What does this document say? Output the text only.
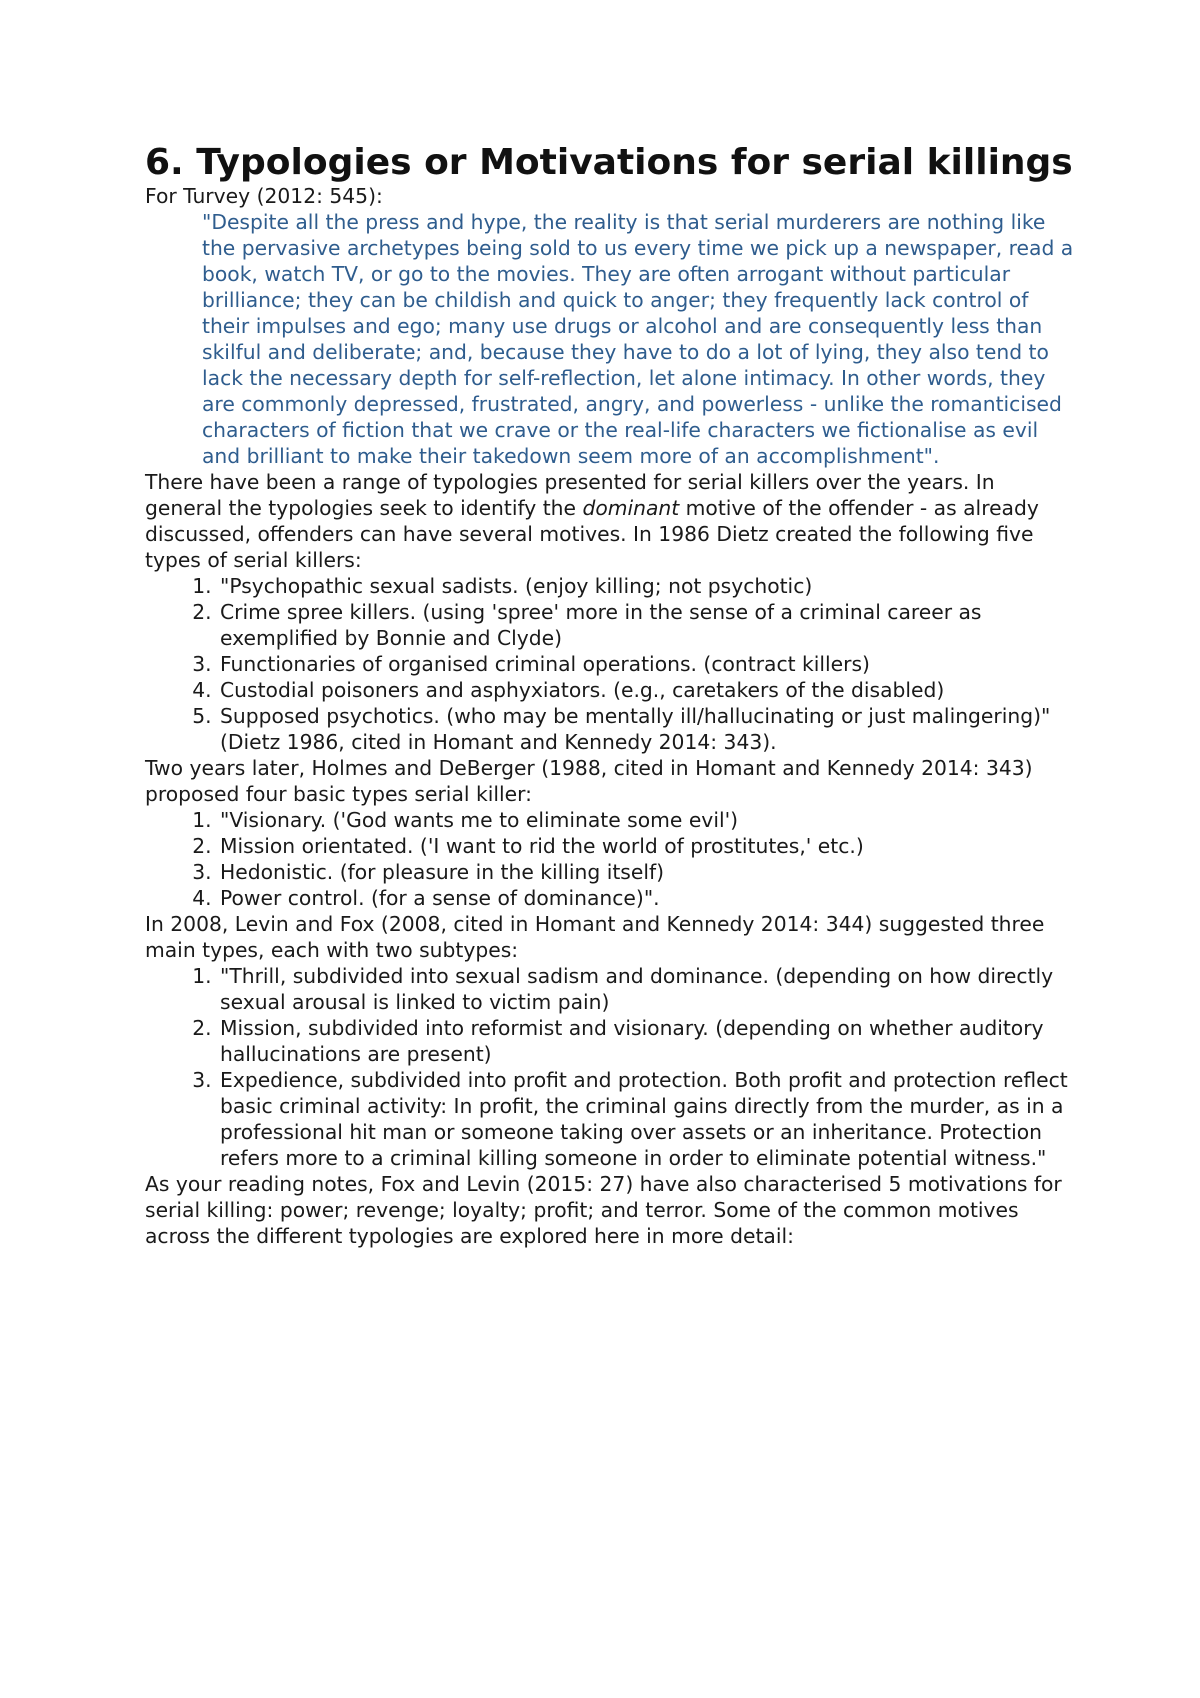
6. Typologies or Motivations for serial killings

For Turvey (2012: 545):

"Despite all the press and hype, the reality is that serial murderers are nothing like the pervasive archetypes being sold to us every time we pick up a newspaper, read a book, watch TV, or go to the movies. They are often arrogant without particular brilliance; they can be childish and quick to anger; they frequently lack control of their impulses and ego; many use drugs or alcohol and are consequently less than skilful and deliberate; and, because they have to do a lot of lying, they also tend to lack the necessary depth for self-reflection, let alone intimacy. In other words, they are commonly depressed, frustrated, angry, and powerless - unlike the romanticised characters of fiction that we crave or the real-life characters we fictionalise as evil and brilliant to make their takedown seem more of an accomplishment".

There have been a range of typologies presented for serial killers over the years. In general the typologies seek to identify the dominant motive of the offender - as already discussed, offenders can have several motives. In 1986 Dietz created the following five types of serial killers:

1. "Psychopathic sexual sadists. (enjoy killing; not psychotic)
2. Crime spree killers. (using 'spree' more in the sense of a criminal career as exemplified by Bonnie and Clyde)
3. Functionaries of organised criminal operations. (contract killers)
4. Custodial poisoners and asphyxiators. (e.g., caretakers of the disabled)
5. Supposed psychotics. (who may be mentally ill/hallucinating or just malingering)" (Dietz 1986, cited in Homant and Kennedy 2014: 343).

Two years later, Holmes and DeBerger (1988, cited in Homant and Kennedy 2014: 343) proposed four basic types serial killer:

1. "Visionary. ('God wants me to eliminate some evil')
2. Mission orientated. ('I want to rid the world of prostitutes,' etc.)
3. Hedonistic. (for pleasure in the killing itself)
4. Power control. (for a sense of dominance)".

In 2008, Levin and Fox (2008, cited in Homant and Kennedy 2014: 344) suggested three main types, each with two subtypes:

1. "Thrill, subdivided into sexual sadism and dominance. (depending on how directly sexual arousal is linked to victim pain)
2. Mission, subdivided into reformist and visionary. (depending on whether auditory hallucinations are present)
3. Expedience, subdivided into profit and protection. Both profit and protection reflect basic criminal activity: In profit, the criminal gains directly from the murder, as in a professional hit man or someone taking over assets or an inheritance. Protection refers more to a criminal killing someone in order to eliminate potential witness."

As your reading notes, Fox and Levin (2015: 27) have also characterised 5 motivations for serial killing: power; revenge; loyalty; profit; and terror. Some of the common motives across the different typologies are explored here in more detail:
